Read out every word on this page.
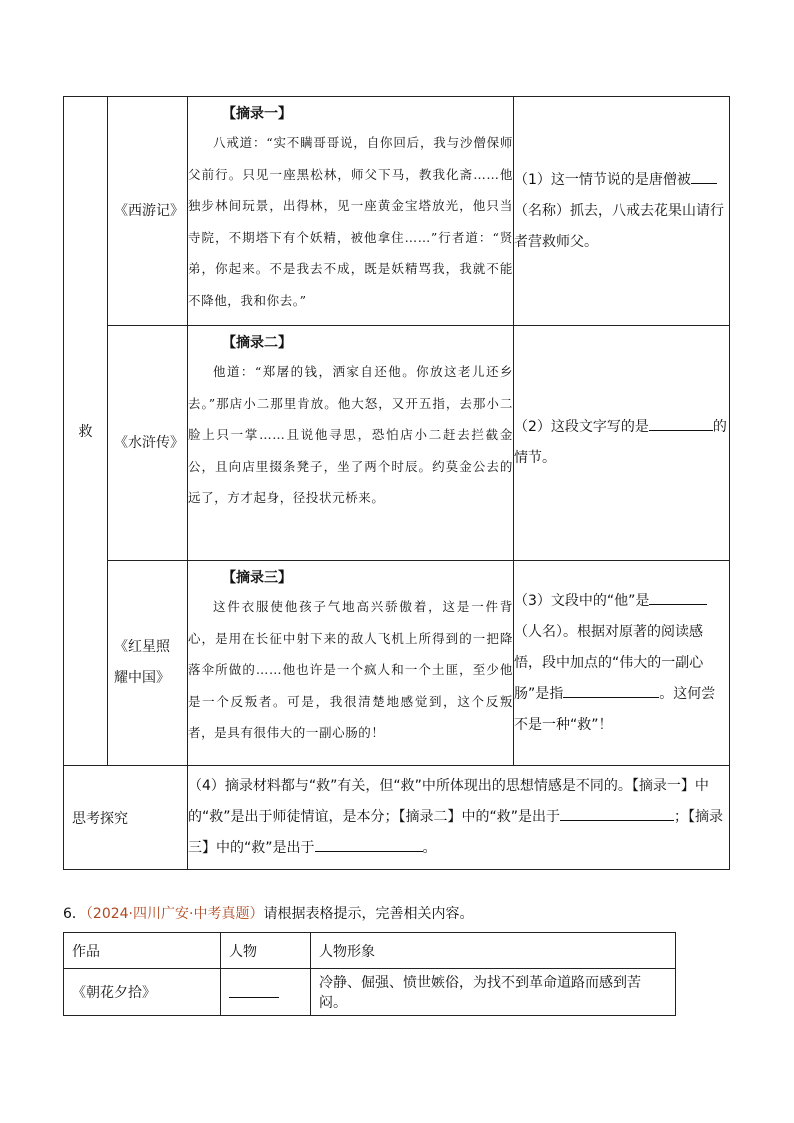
救	《西游记》	【摘录一】
八戒道：“实不瞒哥哥说，自你回后，我与沙僧保师父前行。只见一座黑松林，师父下马，教我化斋……他独步林间玩景，出得林，见一座黄金宝塔放光，他只当寺院，不期塔下有个妖精，被他拿住……”行者道：“贤弟，你起来。不是我去不成，既是妖精骂我，我就不能不降他，我和你去。”	（1）这一情节说的是唐僧被（名称）抓去，八戒去花果山请行者营救师父。

	《水浒传》	【摘录二】
他道：“郑屠的钱，洒家自还他。你放这老儿还乡去。”那店小二那里肯放。他大怒，又开五指，去那小二脸上只一掌……且说他寻思，恐怕店小二赶去拦截金公，且向店里掇条凳子，坐了两个时辰。约莫金公去的远了，方才起身，径投状元桥来。	（2）这段文字写的是 的情节。

	《红星照耀中国》	【摘录三】
这件衣服使他孩子气地高兴骄傲着，这是一件背心，是用在长征中射下来的敌人飞机上所得到的一把降落伞所做的……他也许是一个疯人和一个土匪，至少他是一个反叛者。可是，我很清楚地感觉到，这个反叛者，是具有很伟大的一副心肠的！	（3）文段中的“他”是（人名）。根据对原著的阅读感悟，段中加点的“伟大的一副心肠”是指 。这何尝不是一种“救”！
思考探究		（4）摘录材料都与“救”有关，但“救”中所体现出的思想情感是不同的。【摘录一】中的“救”是出于师徒情谊，是本分；【摘录二】中的“救”是出于 ；【摘录三】中的“救”是出于 。	
6．（2024·四川广安·中考真题）请根据表格提示，完善相关内容。
作品	人物	人物形象
《朝花夕拾》		冷静、倔强、愤世嫉俗，为找不到革命道路而感到苦闷。
